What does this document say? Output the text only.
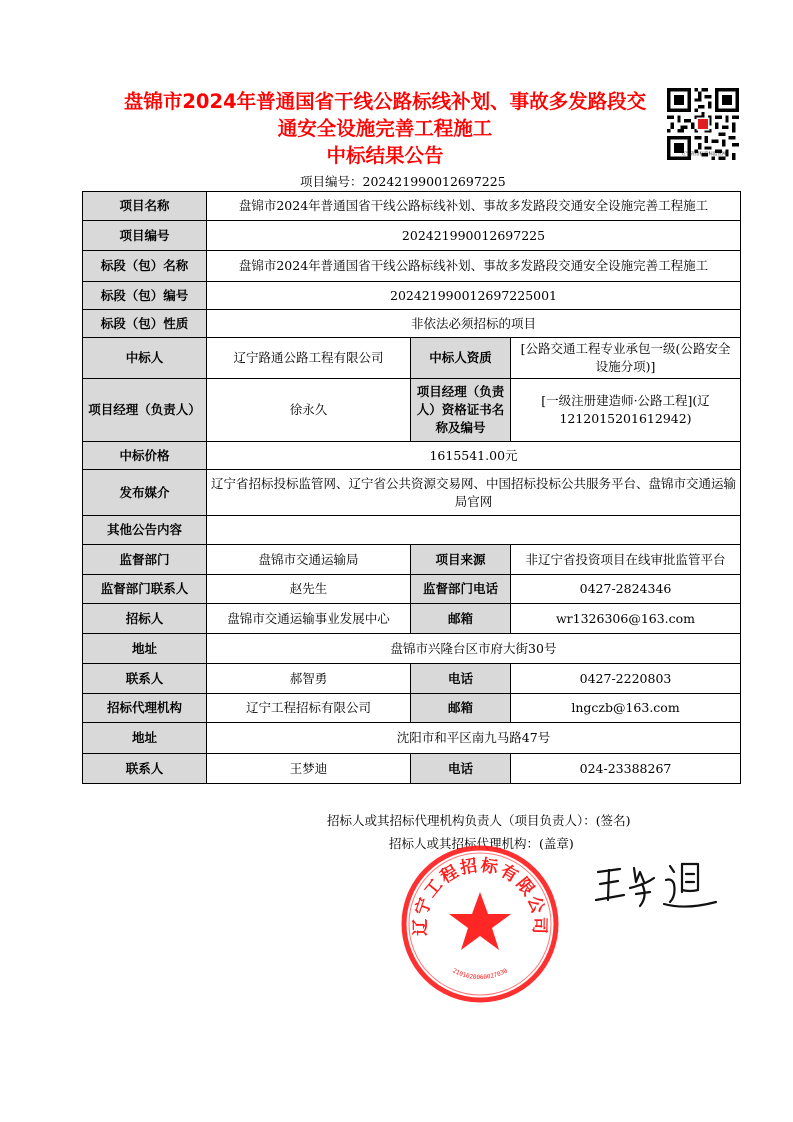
盘锦市2024年普通国省干线公路标线补划、事故多发路段交
通安全设施完善工程施工
中标结果公告	辽宁省招标投标监管网
项目编号：202421990012697225
项目名称	盘锦市2024年普通国省干线公路标线补划、事故多发路段交通安全设施完善工程施工		
项目编号	202421990012697225		
标段（包）名称	盘锦市2024年普通国省干线公路标线补划、事故多发路段交通安全设施完善工程施工		
标段（包）编号	202421990012697225001		
标段（包）性质	非依法必须招标的项目		
中标人	辽宁路通公路工程有限公司	中标人资质	[公路交通工程专业承包一级(公路安全设施分项)]
项目经理（负责人）	徐永久	项目经理（负责人）资格证书名称及编号	[一级注册建造师·公路工程](辽1212015201612942)
中标价格	1615541.00元		
发布媒介	辽宁省招标投标监管网、辽宁省公共资源交易网、中国招标投标公共服务平台、盘锦市交通运输局官网		
其他公告内容			
监督部门	盘锦市交通运输局	项目来源	非辽宁省投资项目在线审批监管平台
监督部门联系人	赵先生	监督部门电话	0427-2824346
招标人	盘锦市交通运输事业发展中心	邮箱	wr1326306@163.com
地址	盘锦市兴隆台区市府大街30号		
联系人	郝智勇	电话	0427-2220803
招标代理机构	辽宁工程招标有限公司	邮箱	lngczb@163.com
地址	沈阳市和平区南九马路47号		
联系人	王梦迪	电话	024-23388267
招标人或其招标代理机构负责人（项目负责人）：(签名)
招标人或其招标代理机构：(盖章)
辽宁工程招标有限公司
2101020060027030
